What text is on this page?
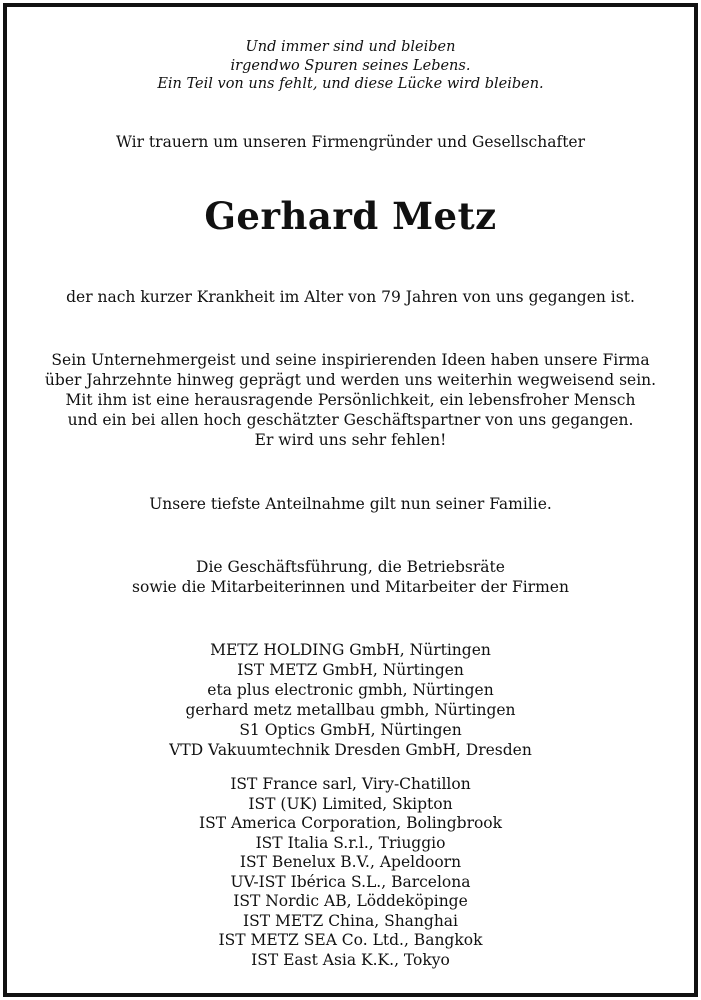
Und immer sind und bleiben
irgendwo Spuren seines Lebens.
Ein Teil von uns fehlt, und diese Lücke wird bleiben.
Wir trauern um unseren Firmengründer und Gesellschafter
Gerhard Metz
der nach kurzer Krankheit im Alter von 79 Jahren von uns gegangen ist.
Sein Unternehmergeist und seine inspirierenden Ideen haben unsere Firma
über Jahrzehnte hinweg geprägt und werden uns weiterhin wegweisend sein.
Mit ihm ist eine herausragende Persönlichkeit, ein lebensfroher Mensch
und ein bei allen hoch geschätzter Geschäftspartner von uns gegangen.
Er wird uns sehr fehlen!
Unsere tiefste Anteilnahme gilt nun seiner Familie.
Die Geschäftsführung, die Betriebsräte
sowie die Mitarbeiterinnen und Mitarbeiter der Firmen
METZ HOLDING GmbH, Nürtingen
IST METZ GmbH, Nürtingen
eta plus electronic gmbh, Nürtingen
gerhard metz metallbau gmbh, Nürtingen
S1 Optics GmbH, Nürtingen
VTD Vakuumtechnik Dresden GmbH, Dresden
IST France sarl, Viry-Chatillon
IST (UK) Limited, Skipton
IST America Corporation, Bolingbrook
IST Italia S.r.l., Triuggio
IST Benelux B.V., Apeldoorn
UV-IST Ibérica S.L., Barcelona
IST Nordic AB, Löddeköpinge
IST METZ China, Shanghai
IST METZ SEA Co. Ltd., Bangkok
IST East Asia K.K., Tokyo
